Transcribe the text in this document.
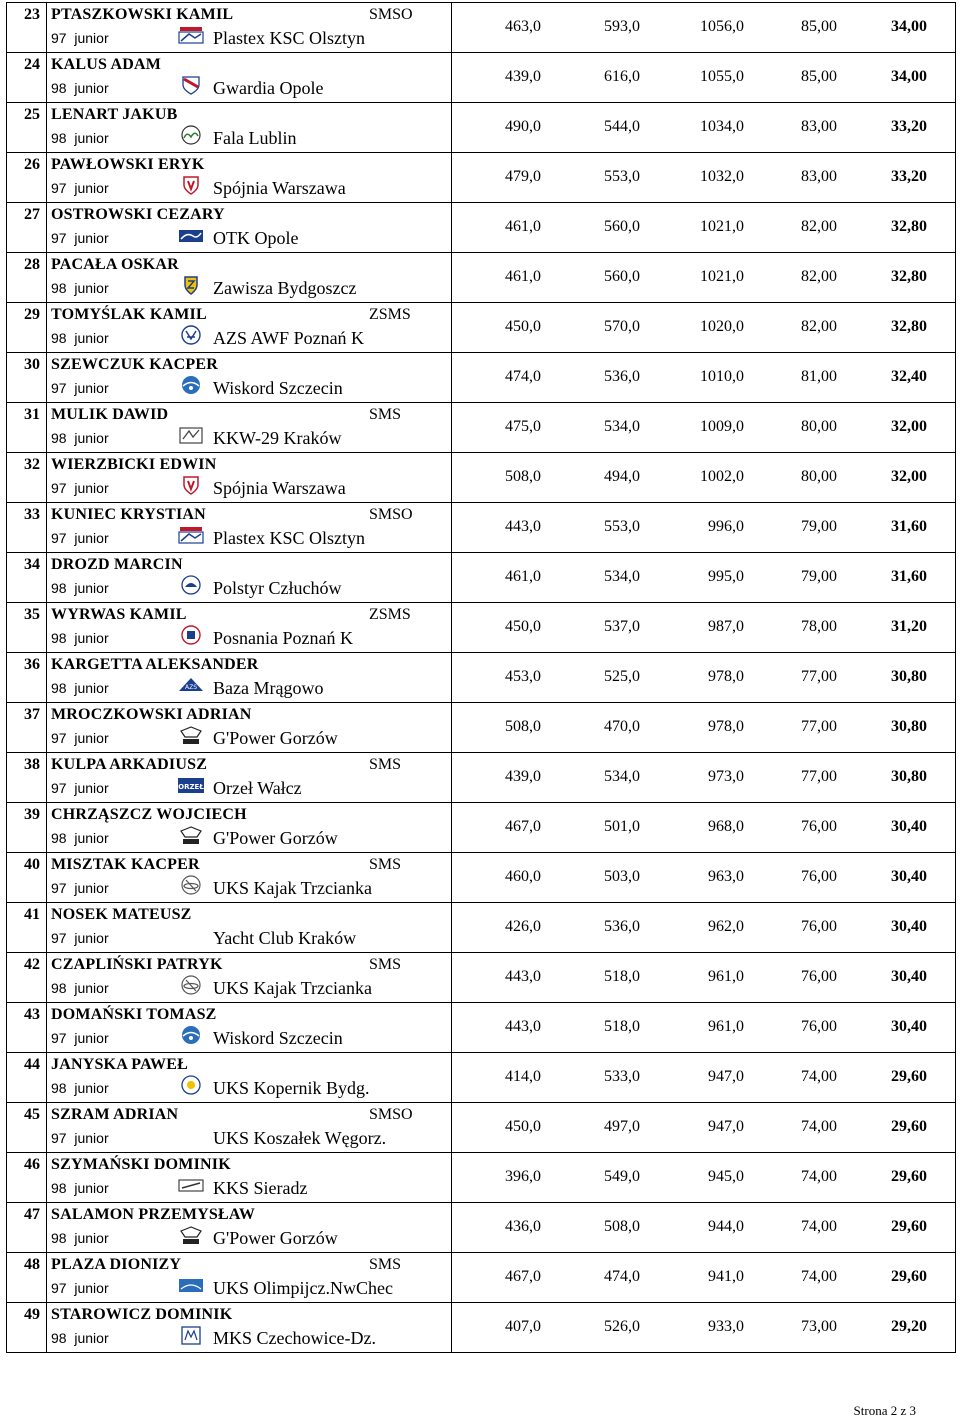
23	PTASZKOWSKI KAMIL SMSO
97 junior Plastex KSC Olsztyn	463,0 593,0 1056,0 85,00 34,00

24	KALUS ADAM
98 junior Gwardia Opole	439,0 616,0 1055,0 85,00 34,00

25	LENART JAKUB
98 junior Fala Lublin	490,0 544,0 1034,0 83,00 33,20

26	PAWŁOWSKI ERYK
97 junior Spójnia Warszawa	479,0 553,0 1032,0 83,00 33,20

27	OSTROWSKI CEZARY
97 junior OTK Opole	461,0 560,0 1021,0 82,00 32,80

28	PACAŁA OSKAR
98 junior Zawisza Bydgoszcz	461,0 560,0 1021,0 82,00 32,80

29	TOMYŚLAK KAMIL ZSMS
98 junior AZS AWF Poznań K	450,0 570,0 1020,0 82,00 32,80

30	SZEWCZUK KACPER
97 junior Wiskord Szczecin	474,0 536,0 1010,0 81,00 32,40

31	MULIK DAWID SMS
98 junior KKW-29 Kraków	475,0 534,0 1009,0 80,00 32,00

32	WIERZBICKI EDWIN
97 junior Spójnia Warszawa	508,0 494,0 1002,0 80,00 32,00

33	KUNIEC KRYSTIAN SMSO
97 junior Plastex KSC Olsztyn	443,0 553,0 996,0 79,00 31,60

34	DROZD MARCIN
98 junior Polstyr Człuchów	461,0 534,0 995,0 79,00 31,60

35	WYRWAS KAMIL ZSMS
98 junior Posnania Poznań K	450,0 537,0 987,0 78,00 31,20

36	KARGETTA ALEKSANDER
98 junior AZS Baza Mrągowo	453,0 525,0 978,0 77,00 30,80

37	MROCZKOWSKI ADRIAN
97 junior G'Power Gorzów	508,0 470,0 978,0 77,00 30,80

38	KULPA ARKADIUSZ SMS
97 junior ORZEŁ Orzeł Wałcz	439,0 534,0 973,0 77,00 30,80

39	CHRZĄSZCZ WOJCIECH
98 junior G'Power Gorzów	467,0 501,0 968,0 76,00 30,40

40	MISZTAK KACPER SMS
97 junior UKS Kajak Trzcianka	460,0 503,0 963,0 76,00 30,40

41	NOSEK MATEUSZ
97 junior Yacht Club Kraków	426,0 536,0 962,0 76,00 30,40

42	CZAPLIŃSKI PATRYK SMS
98 junior UKS Kajak Trzcianka	443,0 518,0 961,0 76,00 30,40

43	DOMAŃSKI TOMASZ
97 junior Wiskord Szczecin	443,0 518,0 961,0 76,00 30,40

44	JANYSKA PAWEŁ
98 junior UKS Kopernik Bydg.	414,0 533,0 947,0 74,00 29,60

45	SZRAM ADRIAN SMSO
97 junior UKS Koszałek Węgorz.	450,0 497,0 947,0 74,00 29,60

46	SZYMAŃSKI DOMINIK
98 junior KKS Sieradz	396,0 549,0 945,0 74,00 29,60

47	SALAMON PRZEMYSŁAW
98 junior G'Power Gorzów	436,0 508,0 944,0 74,00 29,60

48	PLAZA DIONIZY SMS
97 junior UKS Olimpijcz.NwChec	467,0 474,0 941,0 74,00 29,60

49	STAROWICZ DOMINIK
98 junior MKS Czechowice-Dz.	407,0 526,0 933,0 73,00 29,20
Strona 2 z 3
